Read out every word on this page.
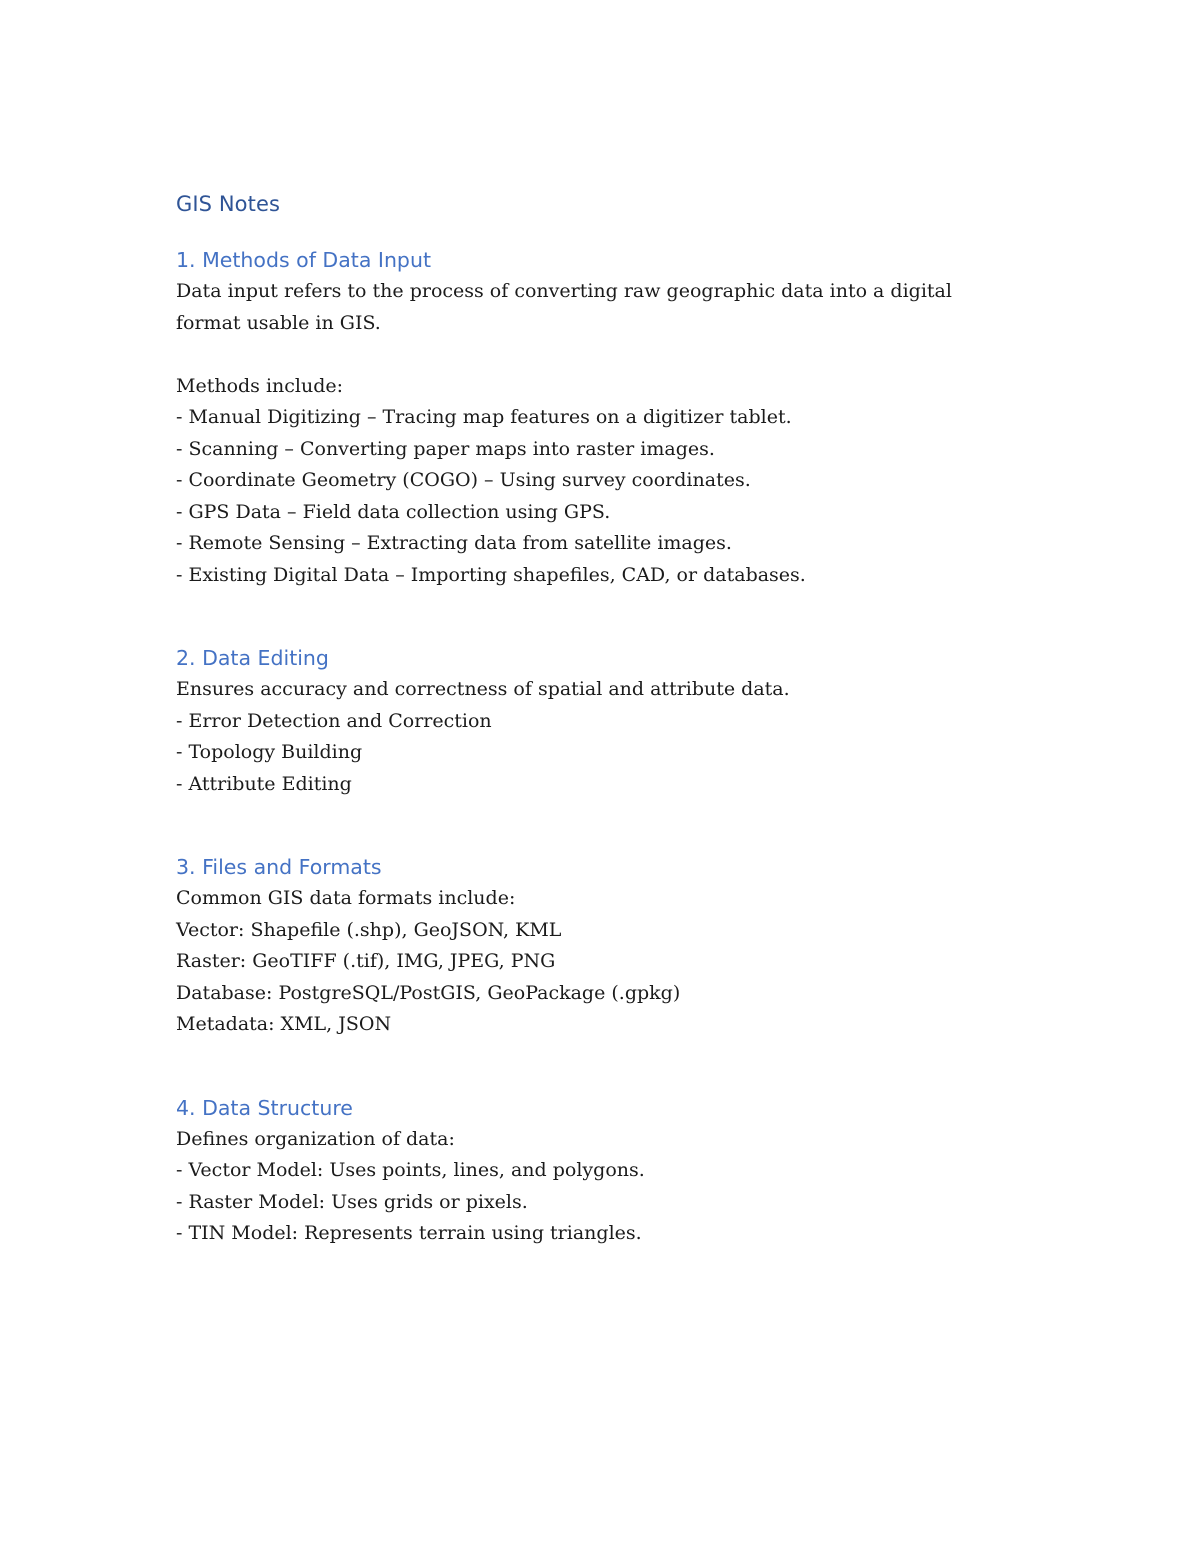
GIS Notes
1. Methods of Data Input

Data input refers to the process of converting raw geographic data into a digital

format usable in GIS.

Methods include:

- Manual Digitizing – Tracing map features on a digitizer tablet.

- Scanning – Converting paper maps into raster images.

- Coordinate Geometry (COGO) – Using survey coordinates.

- GPS Data – Field data collection using GPS.

- Remote Sensing – Extracting data from satellite images.

- Existing Digital Data – Importing shapefiles, CAD, or databases.

2. Data Editing

Ensures accuracy and correctness of spatial and attribute data.

- Error Detection and Correction

- Topology Building

- Attribute Editing

3. Files and Formats

Common GIS data formats include:

Vector: Shapefile (.shp), GeoJSON, KML

Raster: GeoTIFF (.tif), IMG, JPEG, PNG

Database: PostgreSQL/PostGIS, GeoPackage (.gpkg)

Metadata: XML, JSON

4. Data Structure

Defines organization of data:

- Vector Model: Uses points, lines, and polygons.

- Raster Model: Uses grids or pixels.

- TIN Model: Represents terrain using triangles.
